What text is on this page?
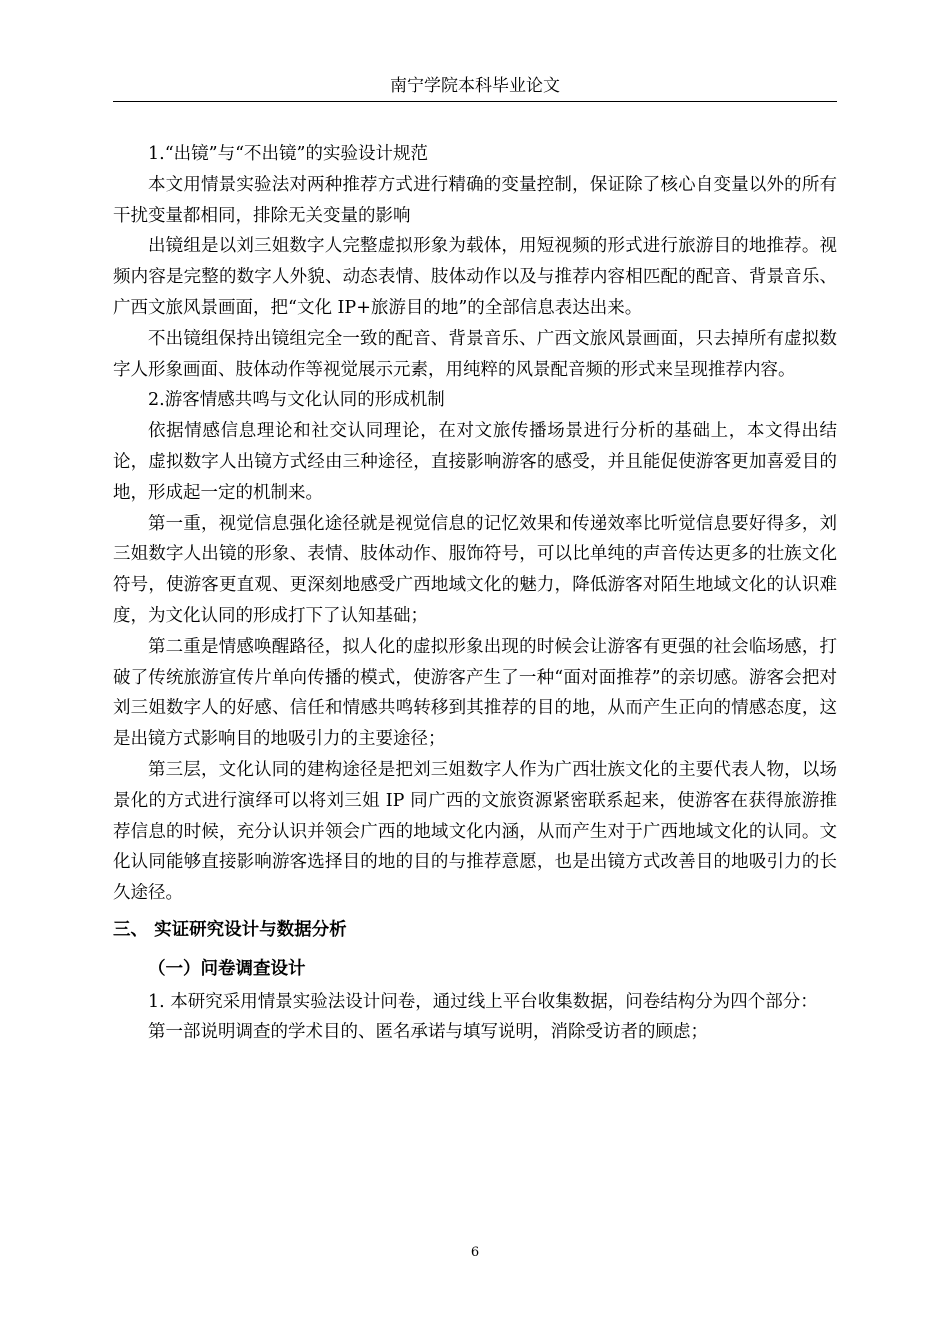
南宁学院本科毕业论文

1.“出镜”与“不出镜”的实验设计规范

本文用情景实验法对两种推荐方式进行精确的变量控制，保证除了核心自变量以外的所有干扰变量都相同，排除无关变量的影响

出镜组是以刘三姐数字人完整虚拟形象为载体，用短视频的形式进行旅游目的地推荐。视频内容是完整的数字人外貌、动态表情、肢体动作以及与推荐内容相匹配的配音、背景音乐、广西文旅风景画面，把“文化 IP+旅游目的地”的全部信息表达出来。

不出镜组保持出镜组完全一致的配音、背景音乐、广西文旅风景画面，只去掉所有虚拟数字人形象画面、肢体动作等视觉展示元素，用纯粹的风景配音频的形式来呈现推荐内容。

2.游客情感共鸣与文化认同的形成机制

依据情感信息理论和社交认同理论，在对文旅传播场景进行分析的基础上，本文得出结论，虚拟数字人出镜方式经由三种途径，直接影响游客的感受，并且能促使游客更加喜爱目的地，形成起一定的机制来。

第一重，视觉信息强化途径就是视觉信息的记忆效果和传递效率比听觉信息要好得多，刘三姐数字人出镜的形象、表情、肢体动作、服饰符号，可以比单纯的声音传达更多的壮族文化符号，使游客更直观、更深刻地感受广西地域文化的魅力，降低游客对陌生地域文化的认识难度，为文化认同的形成打下了认知基础；

第二重是情感唤醒路径，拟人化的虚拟形象出现的时候会让游客有更强的社会临场感，打破了传统旅游宣传片单向传播的模式，使游客产生了一种“面对面推荐”的亲切感。游客会把对刘三姐数字人的好感、信任和情感共鸣转移到其推荐的目的地，从而产生正向的情感态度，这是出镜方式影响目的地吸引力的主要途径；

第三层，文化认同的建构途径是把刘三姐数字人作为广西壮族文化的主要代表人物，以场景化的方式进行演绎可以将刘三姐 IP 同广西的文旅资源紧密联系起来，使游客在获得旅游推荐信息的时候，充分认识并领会广西的地域文化内涵，从而产生对于广西地域文化的认同。文化认同能够直接影响游客选择目的地的目的与推荐意愿，也是出镜方式改善目的地吸引力的长久途径。

三、 实证研究设计与数据分析

（一）问卷调查设计

1. 本研究采用情景实验法设计问卷，通过线上平台收集数据，问卷结构分为四个部分：

第一部说明调查的学术目的、匿名承诺与填写说明，消除受访者的顾虑；

6
